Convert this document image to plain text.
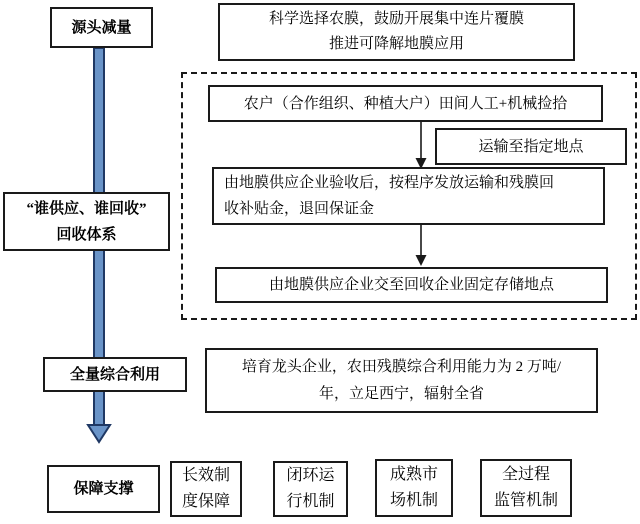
源头减量
“谁供应、谁回收”
回收体系
全量综合利用
保障支撑
科学选择农膜，鼓励开展集中连片覆膜
推进可降解地膜应用
农户（合作组织、种植大户）田间人工+机械捡拾
运输至指定地点
由地膜供应企业验收后，按程序发放运输和残膜回
收补贴金，退回保证金
由地膜供应企业交至回收企业固定存储地点
培育龙头企业，农田残膜综合利用能力为 2 万吨/
年，立足西宁，辐射全省
长效制
度保障
闭环运
行机制
成熟市
场机制
全过程
监管机制
